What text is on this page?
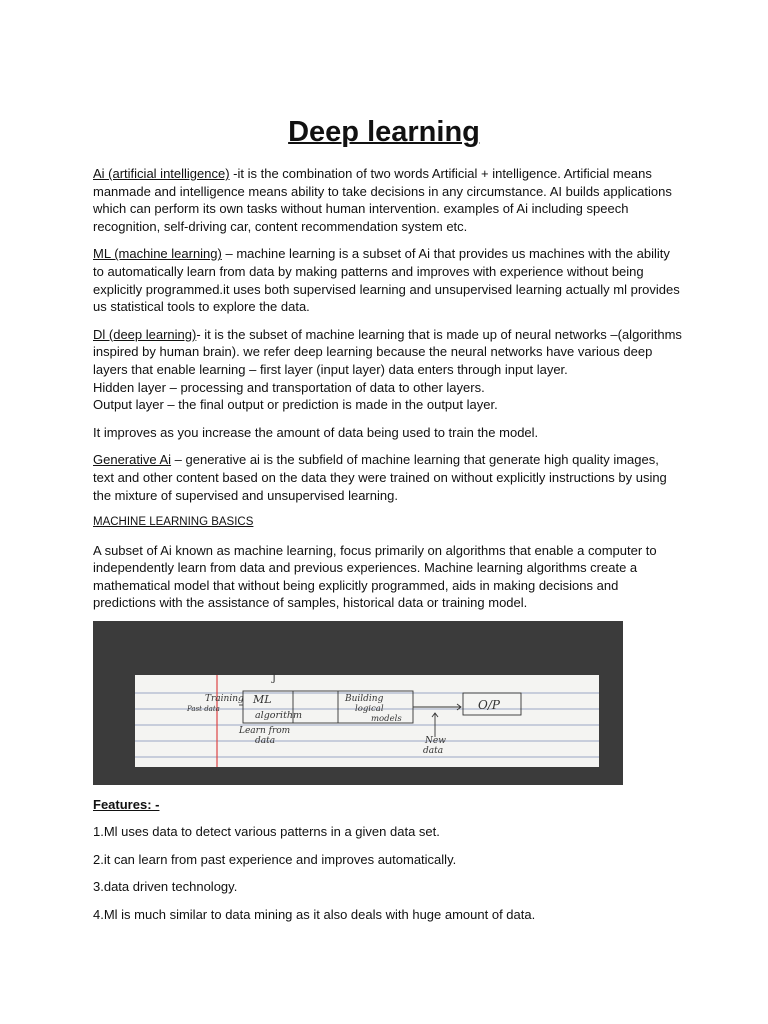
Deep learning

Ai (artificial intelligence) -it is the combination of two words Artificial + intelligence. Artificial means manmade and intelligence means ability to take decisions in any circumstance. AI builds applications which can perform its own tasks without human intervention. examples of Ai including speech recognition, self-driving car, content recommendation system etc.

ML (machine learning) – machine learning is a subset of Ai that provides us machines with the ability to automatically learn from data by making patterns and improves with experience without being explicitly programmed.it uses both supervised learning and unsupervised learning actually ml provides us statistical tools to explore the data.

Dl (deep learning)- it is the subset of machine learning that is made up of neural networks –(algorithms inspired by human brain). we refer deep learning because the neural networks have various deep layers that enable learning – first layer (input layer) data enters through input layer.
Hidden layer – processing and transportation of data to other layers.
Output layer – the final output or prediction is made in the output layer.

It improves as you increase the amount of data being used to train the model.

Generative Ai – generative ai is the subfield of machine learning that generate high quality images, text and other content based on the data they were trained on without explicitly instructions by using the mixture of supervised and unsupervised learning.

MACHINE LEARNING BASICS

A subset of Ai known as machine learning, focus primarily on algorithms that enable a computer to independently learn from data and previous experiences. Machine learning algorithms create a mathematical model that without being explicitly programmed, aids in making decisions and predictions with the assistance of samples, historical data or training model.

J
Training
Past data
ML
algorithm
Learn from
data
Building
logical
models
O/P
New
data

Features: -

1.Ml uses data to detect various patterns in a given data set.

2.it can learn from past experience and improves automatically.

3.data driven technology.

4.Ml is much similar to data mining as it also deals with huge amount of data.
